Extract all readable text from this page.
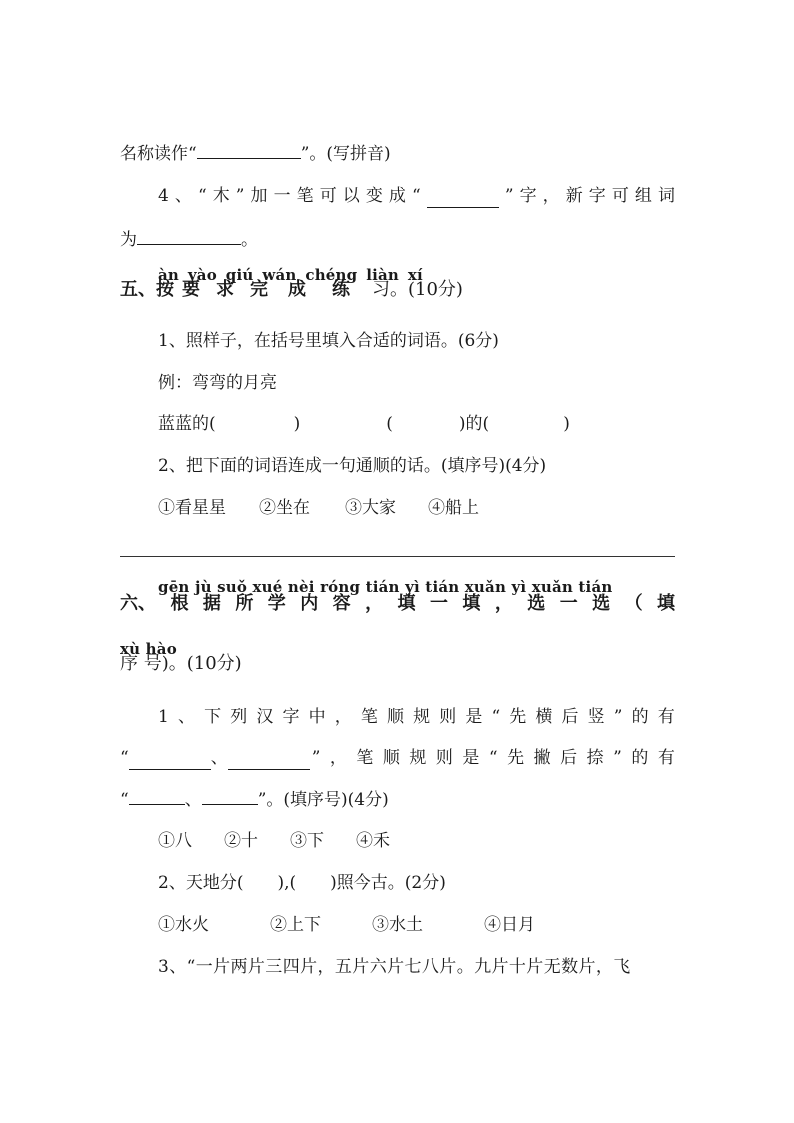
名称读作“	”。(写拼音)
4 、 “ 木 ” 加 一 笔 可 以 变 成 “	” 字 ， 新 字 可 组 词
为	。
àn yào qiú wán chéng liàn xí
五、按 要 求 完 成 练 习。(10分)
1、照样子，在括号里填入合适的词语。(6分)
例：弯弯的月亮
蓝蓝的(	)	(	)的(	)
2、把下面的词语连成一句通顺的话。(填序号)(4分)
①看星星 ②坐在 ③大家 ④船上
gēn jù suǒ xué nèi róng tián yì tián xuǎn yì xuǎn tián
六、 根 据 所 学 内 容 ， 填 一 填 ， 选 一 选 （ 填
xù hào
序 号)。(10分)
1 、 下 列 汉 字 中 ， 笔 顺 规 则 是 “ 先 横 后 竖 ” 的 有
“	、	” ， 笔 顺 规 则 是 “ 先 撇 后 捺 ” 的 有
“	、	”。(填序号)(4分)
①八 ②十 ③下 ④禾
2、天地分(　　),(　　)照今古。(2分)
①水火	②上下	③水土	④日月
3、“一片两片三四片，五片六片七八片。九片十片无数片，飞
